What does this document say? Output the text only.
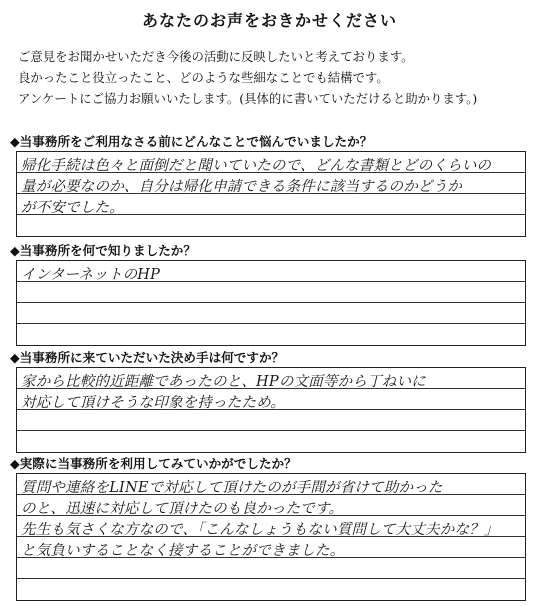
あなたのお声をおきかせください
ご意見をお聞かせいただき今後の活動に反映したいと考えております。
良かったこと役立ったこと、どのような些細なことでも結構です。
アンケートにご協力お願いいたします。(具体的に書いていただけると助かります。)
◆当事務所をご利用なさる前にどんなことで悩んでいましたか？
帰化手続は色々と面倒だと聞いていたので、どんな書類とどのくらいの
量が必要なのか、自分は帰化申請できる条件に該当するのかどうか
が不安でした。
◆当事務所を何で知りましたか？
インターネットのHP
◆当事務所に来ていただいた決め手は何ですか？
家から比較的近距離であったのと、HPの文面等から丁ねいに
対応して頂けそうな印象を持ったため。
◆実際に当事務所を利用してみていかがでしたか？
質問や連絡をLINEで対応して頂けたのが手間が省けて助かった
のと、迅速に対応して頂けたのも良かったです。
先生も気さくな方なので、「こんなしょうもない質問して大丈夫かな？」
と気負いすることなく接することができました。
